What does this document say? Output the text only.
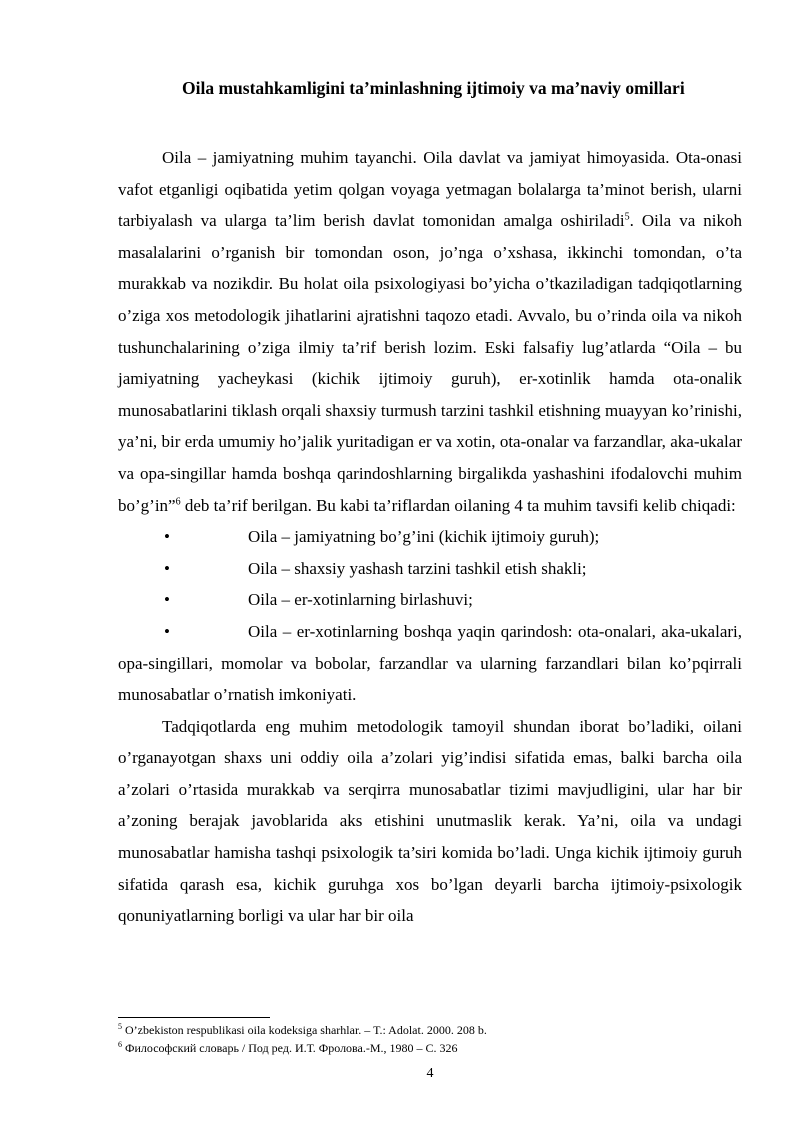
Oila mustahkamligini ta’minlashning ijtimoiy va ma’naviy omillari

Oila – jamiyatning muhim tayanchi. Oila davlat va jamiyat himoyasida. Ota-onasi vafot etganligi oqibatida yetim qolgan voyaga yetmagan bolalarga ta’minot berish, ularni tarbiyalash va ularga ta’lim berish davlat tomonidan amalga oshiriladi$^5$. Oila va nikoh masalalarini o’rganish bir tomondan oson, jo’nga o’xshasa, ikkinchi tomondan, o’ta murakkab va nozikdir. Bu holat oila psixologiyasi bo’yicha o’tkaziladigan tadqiqotlarning o’ziga xos metodologik jihatlarini ajratishni taqozo etadi. Avvalo, bu o’rinda oila va nikoh tushunchalarining o’ziga ilmiy ta’rif berish lozim. Eski falsafiy lug’atlarda “Oila – bu jamiyatning yacheykasi (kichik ijtimoiy guruh), er-xotinlik hamda ota-onalik munosabatlarini tiklash orqali shaxsiy turmush tarzini tashkil etishning muayyan ko’rinishi, ya’ni, bir erda umumiy ho’jalik yuritadigan er va xotin, ota-onalar va farzandlar, aka-ukalar va opa-singillar hamda boshqa qarindoshlarning birgalikda yashashini ifodalovchi muhim bo’g’in”$^6$ deb ta’rif berilgan. Bu kabi ta’riflardan oilaning 4 ta muhim tavsifi kelib chiqadi:

•	Oila – jamiyatning bo’g’ini (kichik ijtimoiy guruh);
•	Oila – shaxsiy yashash tarzini tashkil etish shakli;
•	Oila – er-xotinlarning birlashuvi;
•	Oila – er-xotinlarning boshqa yaqin qarindosh: ota-onalari, aka-ukalari, opa-singillari, momolar va bobolar, farzandlar va ularning farzandlari bilan ko’pqirrali munosabatlar o’rnatish imkoniyati.

Tadqiqotlarda eng muhim metodologik tamoyil shundan iborat bo’ladiki, oilani o’rganayotgan shaxs uni oddiy oila a’zolari yig’indisi sifatida emas, balki barcha oila a’zolari o’rtasida murakkab va serqirra munosabatlar tizimi mavjudligini, ular har bir a’zoning berajak javoblarida aks etishini unutmaslik kerak. Ya’ni, oila va undagi munosabatlar hamisha tashqi psixologik ta’siri komida bo’ladi. Unga kichik ijtimoiy guruh sifatida qarash esa, kichik guruhga xos bo’lgan deyarli barcha ijtimoiy-psixologik qonuniyatlarning borligi va ular har bir oila

$^5$ O’zbekiston respublikasi oila kodeksiga sharhlar. – T.: Adolat. 2000. 208 b.
$^6$ Философский словарь / Под ред. И.Т. Фролова.-М., 1980 – С. 326
4
